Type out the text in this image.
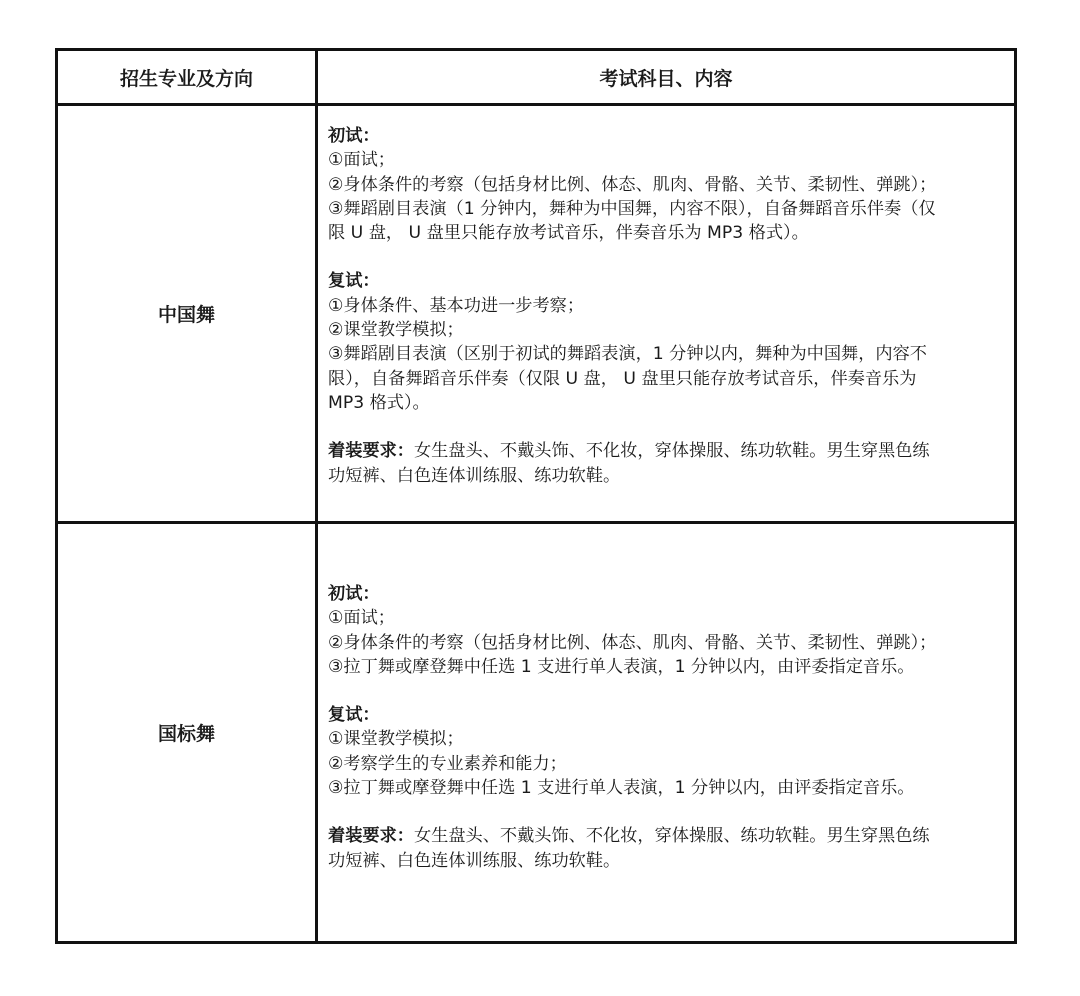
招生专业及方向	考试科目、内容
中国舞

初试：

①面试；

②身体条件的考察（包括身材比例、体态、肌肉、骨骼、关节、柔韧性、弹跳）；

③舞蹈剧目表演（1 分钟内，舞种为中国舞，内容不限），自备舞蹈音乐伴奏（仅

限 U 盘， U 盘里只能存放考试音乐，伴奏音乐为 MP3 格式）。

复试：

①身体条件、基本功进一步考察；

②课堂教学模拟；

③舞蹈剧目表演（区别于初试的舞蹈表演，1 分钟以内，舞种为中国舞，内容不

限），自备舞蹈音乐伴奏（仅限 U 盘， U 盘里只能存放考试音乐，伴奏音乐为

MP3 格式）。

着装要求：女生盘头、不戴头饰、不化妆，穿体操服、练功软鞋。男生穿黑色练

功短裤、白色连体训练服、练功软鞋。

国标舞

初试：

①面试；

②身体条件的考察（包括身材比例、体态、肌肉、骨骼、关节、柔韧性、弹跳）；

③拉丁舞或摩登舞中任选 1 支进行单人表演，1 分钟以内，由评委指定音乐。

复试：

①课堂教学模拟；

②考察学生的专业素养和能力；

③拉丁舞或摩登舞中任选 1 支进行单人表演，1 分钟以内，由评委指定音乐。

着装要求：女生盘头、不戴头饰、不化妆，穿体操服、练功软鞋。男生穿黑色练

功短裤、白色连体训练服、练功软鞋。
